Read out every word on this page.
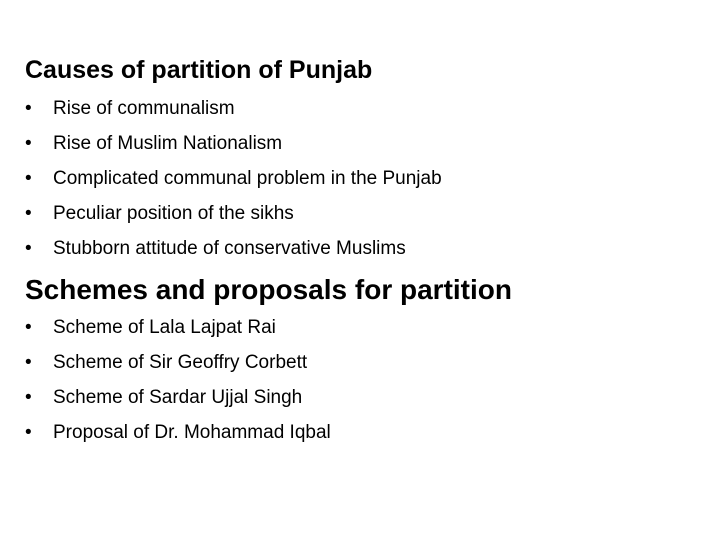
Causes of partition of Punjab
•	Rise of communalism
•	Rise of Muslim Nationalism
•	Complicated communal problem in the Punjab
•	Peculiar position of the sikhs
•	Stubborn attitude of conservative Muslims
Schemes and proposals for partition
•	Scheme of Lala Lajpat Rai
•	Scheme of Sir Geoffry Corbett
•	Scheme of Sardar Ujjal Singh
•	Proposal of Dr. Mohammad Iqbal
